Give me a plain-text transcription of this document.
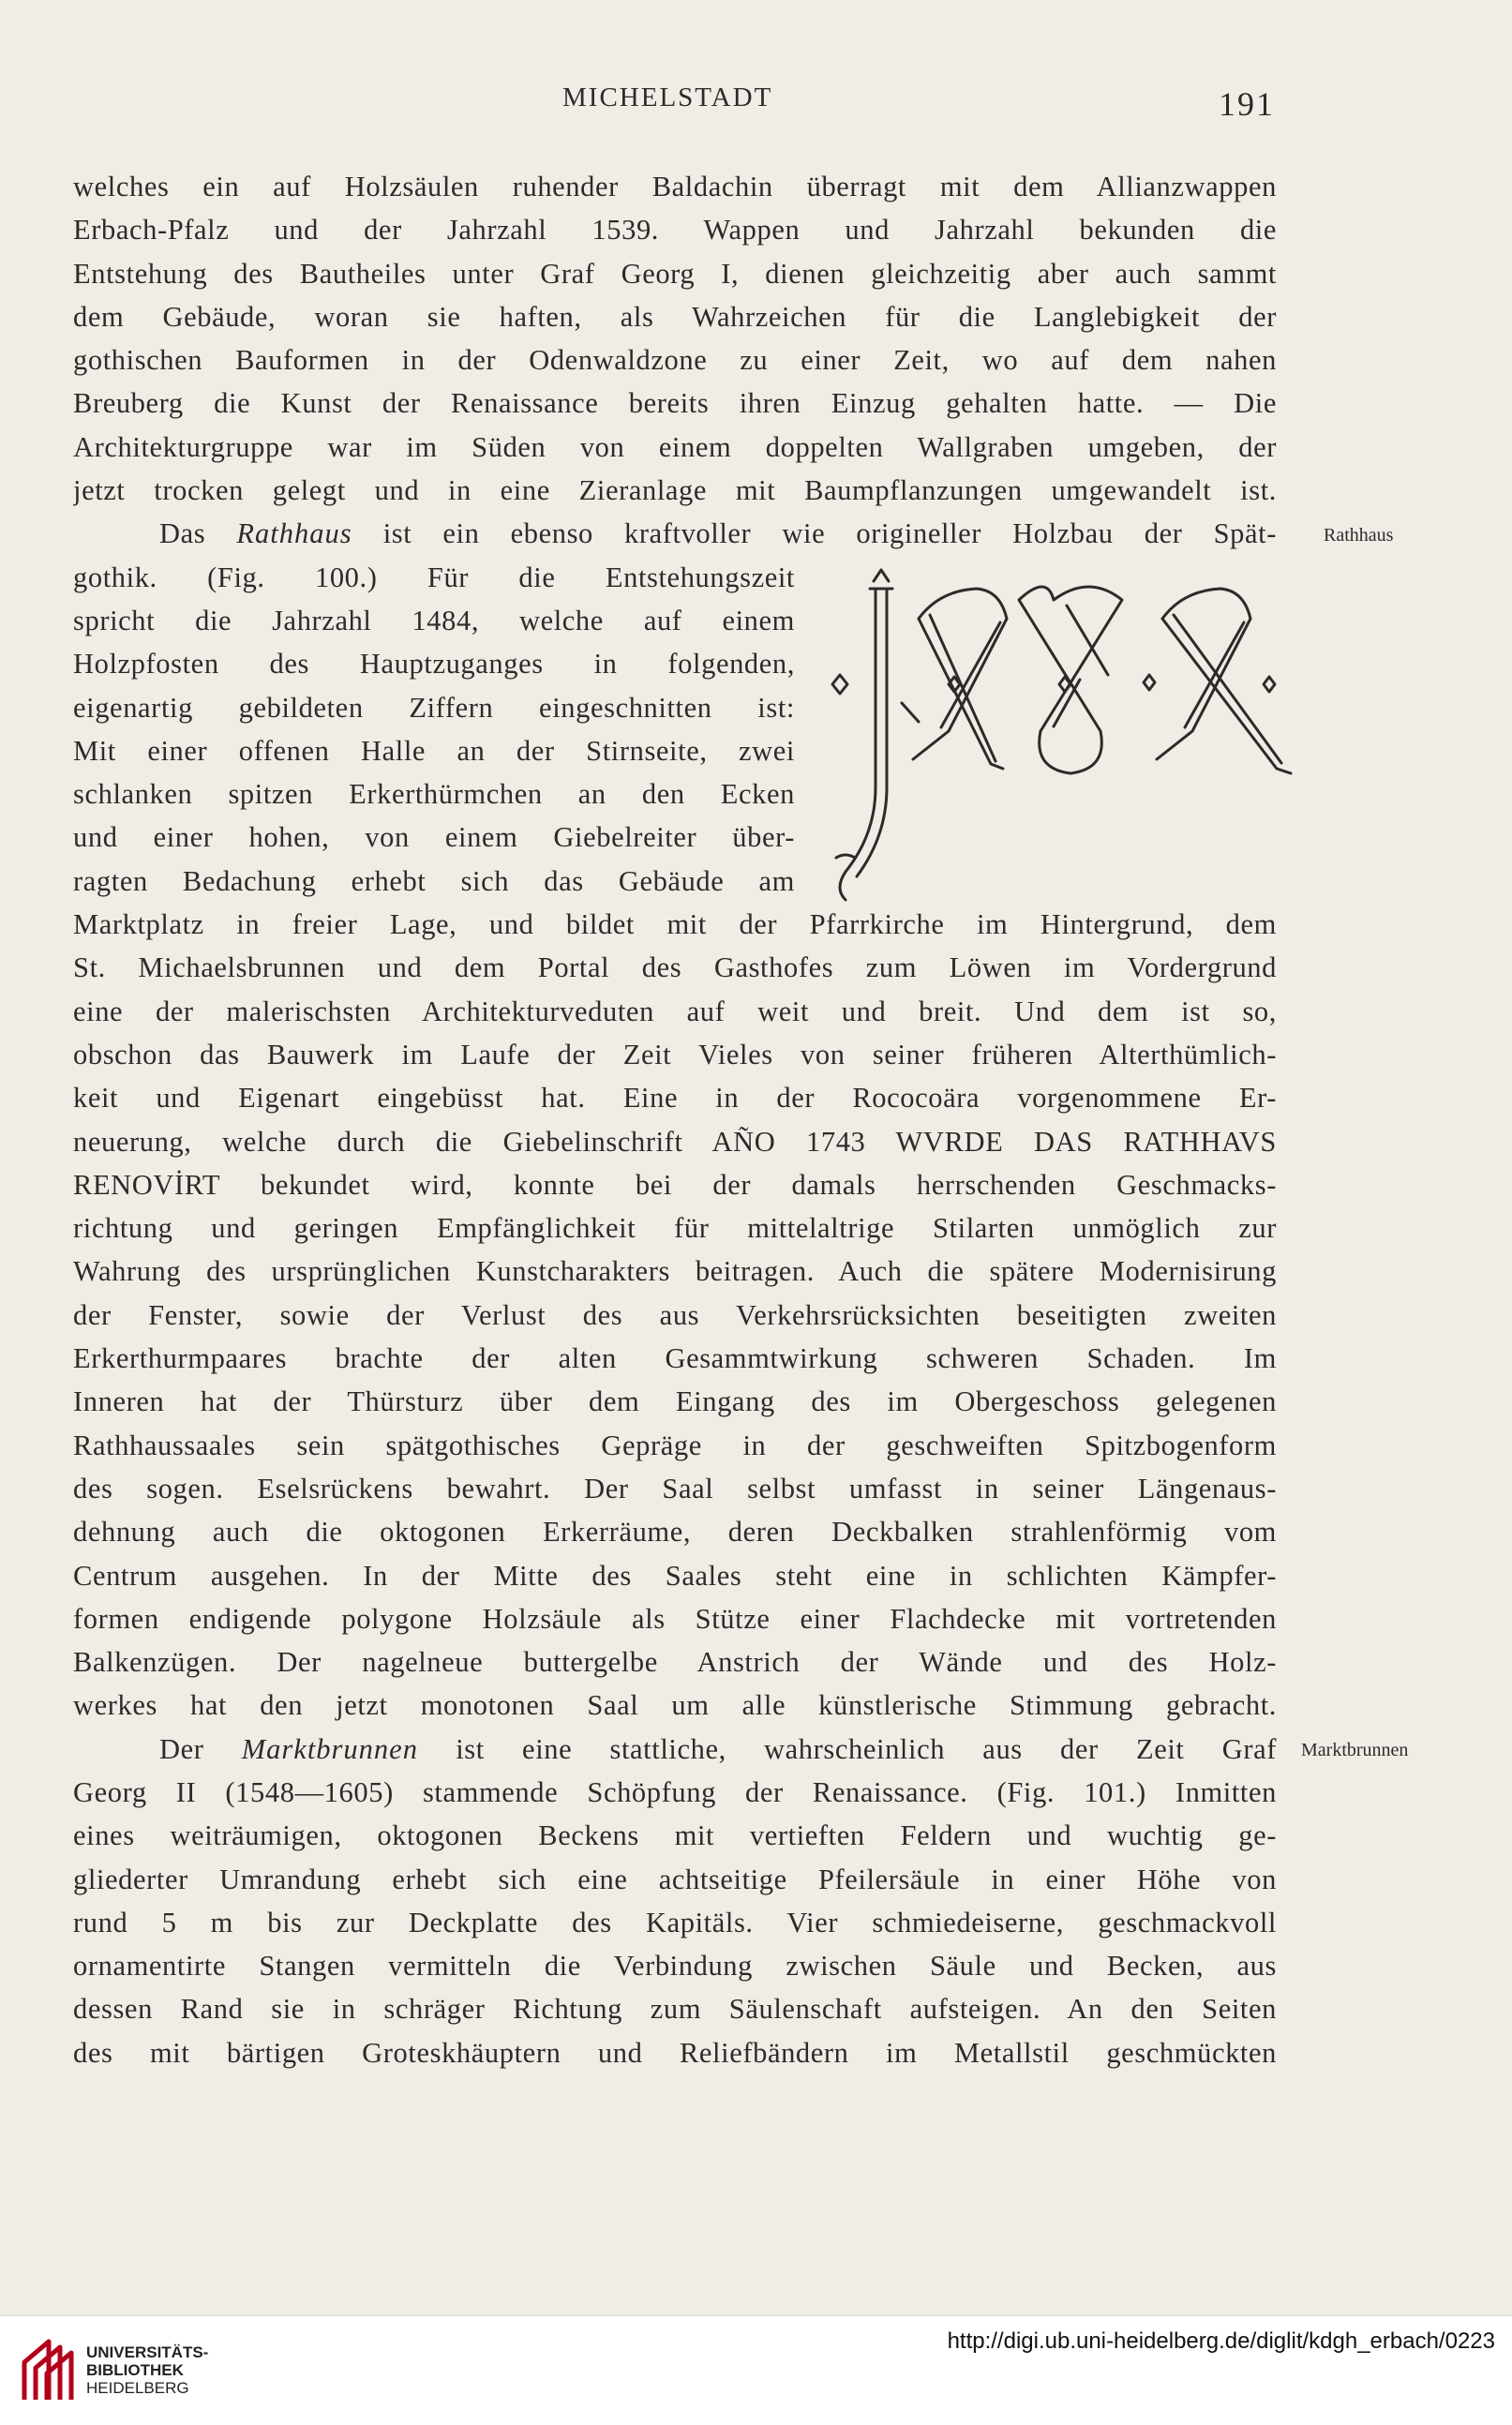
MICHELSTADT	191
welches ein auf Holzsäulen ruhender Baldachin überragt mit dem Allianzwappen
Erbach-Pfalz und der Jahrzahl 1539. Wappen und Jahrzahl bekunden die
Entstehung des Bautheiles unter Graf Georg I, dienen gleichzeitig aber auch sammt
dem Gebäude, woran sie haften, als Wahrzeichen für die Langlebigkeit der
gothischen Bauformen in der Odenwaldzone zu einer Zeit, wo auf dem nahen
Breuberg die Kunst der Renaissance bereits ihren Einzug gehalten hatte. — Die
Architekturgruppe war im Süden von einem doppelten Wallgraben umgeben, der
jetzt trocken gelegt und in eine Zieranlage mit Baumpflanzungen umgewandelt ist.
Das Rathhaus ist ein ebenso kraftvoller wie origineller Holzbau der Spät-
gothik. (Fig. 100.) Für die Entstehungszeit
spricht die Jahrzahl 1484, welche auf einem
Holzpfosten des Hauptzuganges in folgenden,
eigenartig gebildeten Ziffern eingeschnitten ist:
Mit einer offenen Halle an der Stirnseite, zwei
schlanken spitzen Erkerthürmchen an den Ecken
und einer hohen, von einem Giebelreiter über-
ragten Bedachung erhebt sich das Gebäude am
Marktplatz in freier Lage, und bildet mit der Pfarrkirche im Hintergrund, dem
St. Michaelsbrunnen und dem Portal des Gasthofes zum Löwen im Vordergrund
eine der malerischsten Architekturveduten auf weit und breit. Und dem ist so,
obschon das Bauwerk im Laufe der Zeit Vieles von seiner früheren Alterthümlich-
keit und Eigenart eingebüsst hat. Eine in der Rococoära vorgenommene Er-
neuerung, welche durch die Giebelinschrift AÑO 1743 WVRDE DAS RATHHAVS
RENOVİRT bekundet wird, konnte bei der damals herrschenden Geschmacks-
richtung und geringen Empfänglichkeit für mittelaltrige Stilarten unmöglich zur
Wahrung des ursprünglichen Kunstcharakters beitragen. Auch die spätere Modernisirung
der Fenster, sowie der Verlust des aus Verkehrsrücksichten beseitigten zweiten
Erkerthurmpaares brachte der alten Gesammtwirkung schweren Schaden. Im
Inneren hat der Thürsturz über dem Eingang des im Obergeschoss gelegenen
Rathhaussaales sein spätgothisches Gepräge in der geschweiften Spitzbogenform
des sogen. Eselsrückens bewahrt. Der Saal selbst umfasst in seiner Längenaus-
dehnung auch die oktogonen Erkerräume, deren Deckbalken strahlenförmig vom
Centrum ausgehen. In der Mitte des Saales steht eine in schlichten Kämpfer-
formen endigende polygone Holzsäule als Stütze einer Flachdecke mit vortretenden
Balkenzügen. Der nagelneue buttergelbe Anstrich der Wände und des Holz-
werkes hat den jetzt monotonen Saal um alle künstlerische Stimmung gebracht.
Der Marktbrunnen ist eine stattliche, wahrscheinlich aus der Zeit Graf
Georg II (1548—1605) stammende Schöpfung der Renaissance. (Fig. 101.) Inmitten
eines weiträumigen, oktogonen Beckens mit vertieften Feldern und wuchtig ge-
gliederter Umrandung erhebt sich eine achtseitige Pfeilersäule in einer Höhe von
rund 5 m bis zur Deckplatte des Kapitäls. Vier schmiedeiserne, geschmackvoll
ornamentirte Stangen vermitteln die Verbindung zwischen Säule und Becken, aus
dessen Rand sie in schräger Richtung zum Säulenschaft aufsteigen. An den Seiten
des mit bärtigen Groteskhäuptern und Reliefbändern im Metallstil geschmückten
Rathhaus
Marktbrunnen
UNIVERSITÄTS-
BIBLIOTHEK
HEIDELBERG
http://digi.ub.uni-heidelberg.de/diglit/kdgh_erbach/0223
